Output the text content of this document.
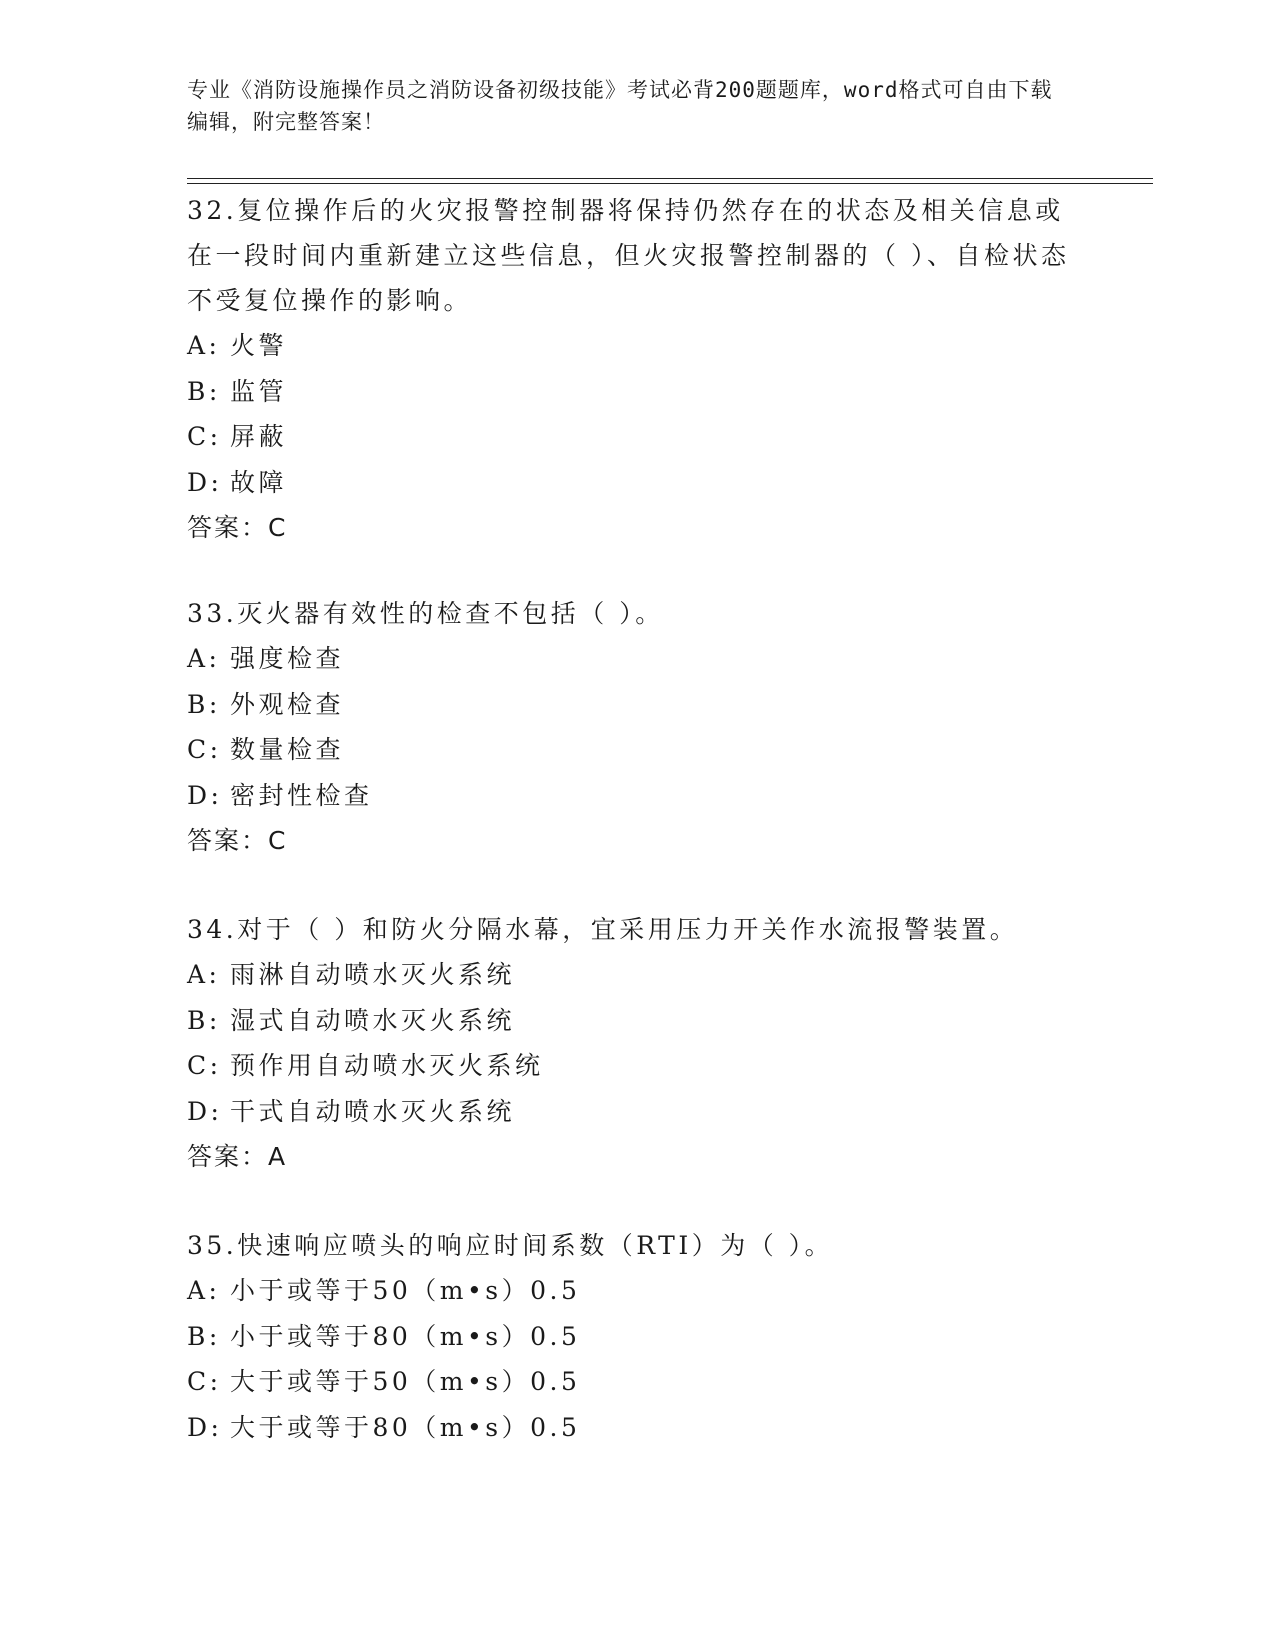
专业《消防设施操作员之消防设备初级技能》考试必背200题题库，word格式可自由下载编辑，附完整答案！

32.复位操作后的火灾报警控制器将保持仍然存在的状态及相关信息或在一段时间内重新建立这些信息，但火灾报警控制器的（ ）、自检状态不受复位操作的影响。

A: 火警

B: 监管

C: 屏蔽

D: 故障

答案：C

33.灭火器有效性的检查不包括（ ）。

A: 强度检查

B: 外观检查

C: 数量检查

D: 密封性检查

答案：C

34.对于（ ）和防火分隔水幕，宜采用压力开关作水流报警装置。

A: 雨淋自动喷水灭火系统

B: 湿式自动喷水灭火系统

C: 预作用自动喷水灭火系统

D: 干式自动喷水灭火系统

答案：A

35.快速响应喷头的响应时间系数（RTI）为（ ）。

A: 小于或等于50（m•s）0.5

B: 小于或等于80（m•s）0.5

C: 大于或等于50（m•s）0.5

D: 大于或等于80（m•s）0.5
